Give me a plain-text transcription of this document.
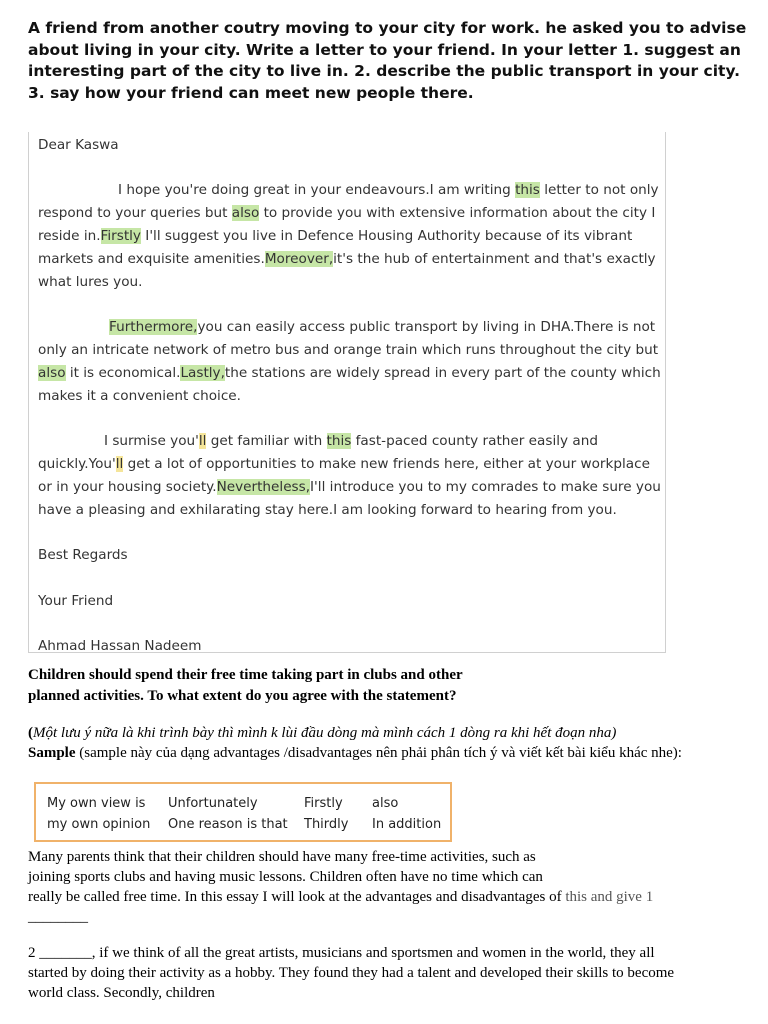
A friend from another coutry moving to your city for work. he asked you to advise about living in your city. Write a letter to your friend. In your letter 1. suggest an interesting part of the city to live in. 2. describe the public transport in your city. 3. say how your friend can meet new people there.
Dear Kaswa
I hope you're doing great in your endeavours.I am writing this letter to not only
respond to your queries but also to provide you with extensive information about the city I
reside in.Firstly I'll suggest you live in Defence Housing Authority because of its vibrant
markets and exquisite amenities.Moreover,it's the hub of entertainment and that's exactly
what lures you.
Furthermore,you can easily access public transport by living in DHA.There is not
only an intricate network of metro bus and orange train which runs throughout the city but
also it is economical.Lastly,the stations are widely spread in every part of the county which
makes it a convenient choice.
I surmise you'll get familiar with this fast-paced county rather easily and
quickly.You'll get a lot of opportunities to make new friends here, either at your workplace
or in your housing society.Nevertheless,I'll introduce you to my comrades to make sure you
have a pleasing and exhilarating stay here.I am looking forward to hearing from you.
Best Regards
Your Friend
Ahmad Hassan Nadeem
Children should spend their free time taking part in clubs and other
planned activities. To what extent do you agree with the statement?
(Một lưu ý nữa là khi trình bày thì mình k lùi đầu dòng mà mình cách 1 dòng ra khi hết đoạn nha)
Sample (sample này của dạng advantages /disadvantages nên phải phân tích ý và viết kết bài kiểu khác nhe):
My own view is Unfortunately	Firstly also
my own opinion One reason is that Thirdly In addition
Many parents think that their children should have many free-time activities, such as
joining sports clubs and having music lessons. Children often have no time which can
really be called free time. In this essay I will look at the advantages and disadvantages of this and give 1
________
2 _______, if we think of all the great artists, musicians and sportsmen and women in the world, they all
started by doing their activity as a hobby. They found they had a talent and developed their skills to become
world class. Secondly, children
